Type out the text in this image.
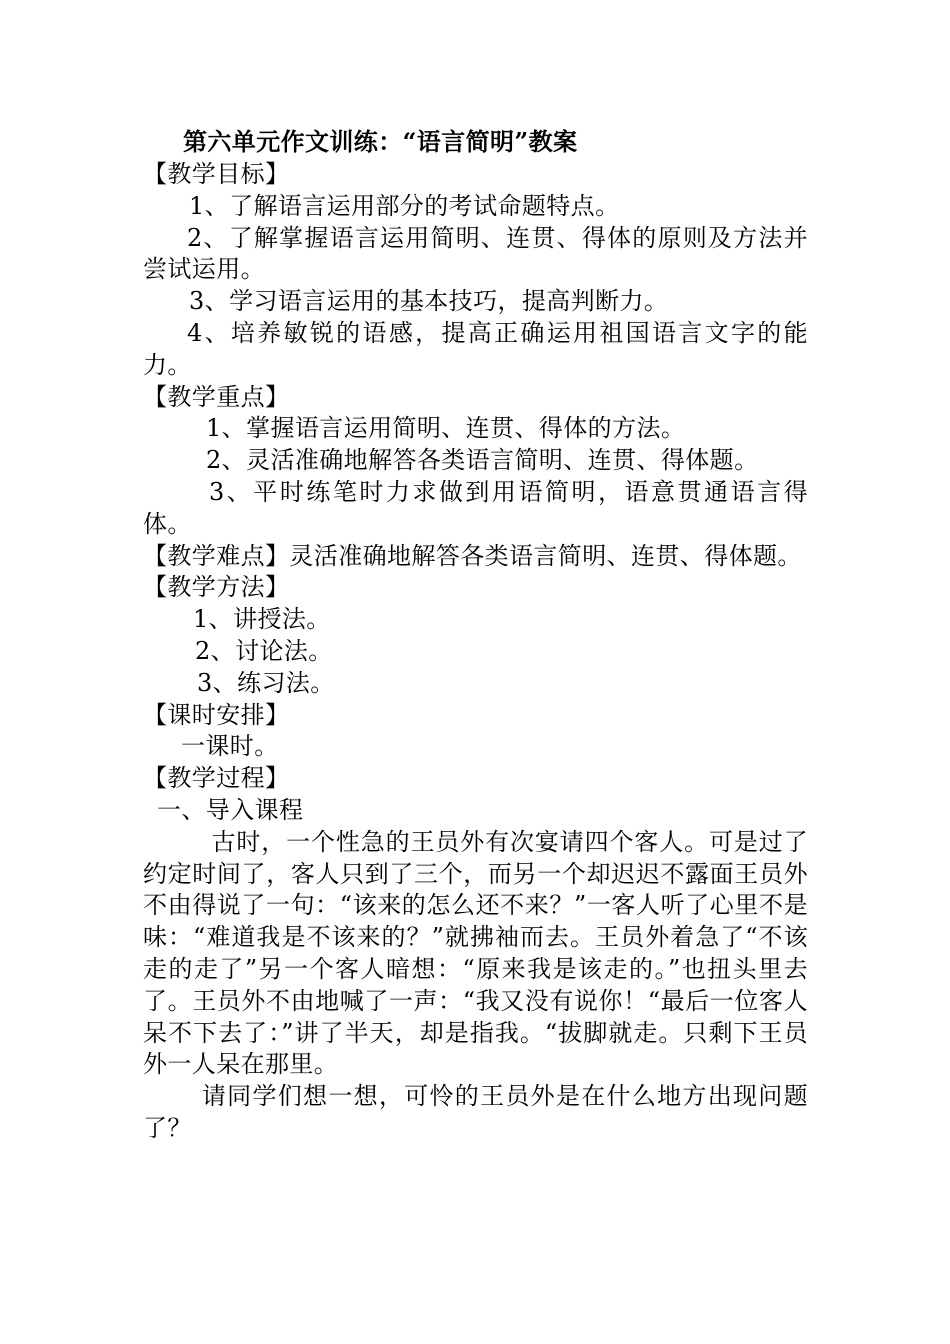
第六单元作文训练：“语言简明”教案
【教学目标】
1、了解语言运用部分的考试命题特点。
2、了解掌握语言运用简明、连贯、得体的原则及方法并尝试运用。
3、学习语言运用的基本技巧，提高判断力。
4、培养敏锐的语感，提高正确运用祖国语言文字的能力。
【教学重点】
1、掌握语言运用简明、连贯、得体的方法。
2、灵活准确地解答各类语言简明、连贯、得体题。
3、平时练笔时力求做到用语简明，语意贯通语言得体。
【教学难点】灵活准确地解答各类语言简明、连贯、得体题。
【教学方法】
1、讲授法。
2、讨论法。
3、练习法。
【课时安排】
一课时。
【教学过程】
一、导入课程
古时，一个性急的王员外有次宴请四个客人。可是过了约定时间了，客人只到了三个，而另一个却迟迟不露面王员外不由得说了一句：“该来的怎么还不来？”一客人听了心里不是味：“难道我是不该来的？”就拂袖而去。王员外着急了“不该走的走了”另一个客人暗想：“原来我是该走的。”也扭头里去了。王员外不由地喊了一声：“我又没有说你！“最后一位客人呆不下去了：”讲了半天，却是指我。“拔脚就走。只剩下王员外一人呆在那里。
请同学们想一想，可怜的王员外是在什么地方出现问题了？
